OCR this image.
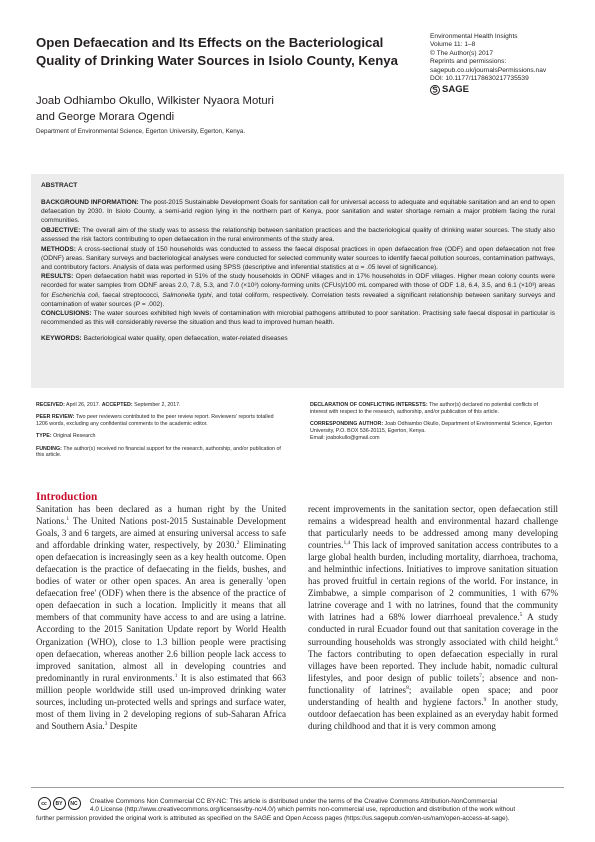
Open Defaecation and Its Effects on the Bacteriological Quality of Drinking Water Sources in Isiolo County, Kenya
Joab Odhiambo Okullo, Wilkister Nyaora Moturi
and George Morara Ogendi
Department of Environmental Science, Egerton University, Egerton, Kenya.
Environmental Health Insights
Volume 11: 1–8
© The Author(s) 2017
Reprints and permissions:
sagepub.co.uk/journalsPermissions.nav
DOI: 10.1177/1178630217735539
SAGE

ABSTRACT

BACKGROUND INFORMATION: The post-2015 Sustainable Development Goals for sanitation call for universal access to adequate and equitable sanitation and an end to open defaecation by 2030. In Isiolo County, a semi-arid region lying in the northern part of Kenya, poor sanitation and water shortage remain a major problem facing the rural communities.

OBJECTIVE: The overall aim of the study was to assess the relationship between sanitation practices and the bacteriological quality of drinking water sources. The study also assessed the risk factors contributing to open defaecation in the rural environments of the study area.

METHODS: A cross-sectional study of 150 households was conducted to assess the faecal disposal practices in open defaecation free (ODF) and open defaecation not free (ODNF) areas. Sanitary surveys and bacteriological analyses were conducted for selected community water sources to identify faecal pollution sources, contamination pathways, and contributory factors. Analysis of data was performed using SPSS (descriptive and inferential statistics at α = .05 level of significance).

RESULTS: Open defaecation habit was reported in 51% of the study households in ODNF villages and in 17% households in ODF villages. Higher mean colony counts were recorded for water samples from ODNF areas 2.0, 7.8, 5.3, and 7.0 (×10³) colony-forming units (CFUs)/100 mL compared with those of ODF 1.8, 6.4, 3.5, and 6.1 (×10³) areas for Escherichia coli, faecal streptococci, Salmonella typhi, and total coliform, respectively. Correlation tests revealed a significant relationship between sanitary surveys and contamination of water sources (P = .002).

CONCLUSIONS: The water sources exhibited high levels of contamination with microbial pathogens attributed to poor sanitation. Practising safe faecal disposal in particular is recommended as this will considerably reverse the situation and thus lead to improved human health.

KEYWORDS: Bacteriological water quality, open defaecation, water-related diseases

RECEIVED: April 26, 2017. ACCEPTED: September 2, 2017.

PEER REVIEW: Two peer reviewers contributed to the peer review report. Reviewers' reports totalled 1206 words, excluding any confidential comments to the academic editor.

TYPE: Original Research

FUNDING: The author(s) received no financial support for the research, authorship, and/or publication of this article.

DECLARATION OF CONFLICTING INTERESTS: The author(s) declared no potential conflicts of interest with respect to the research, authorship, and/or publication of this article.

CORRESPONDING AUTHOR: Joab Odhiambo Okullo, Department of Environmental Science, Egerton University, P.O. BOX 536-20115, Egerton, Kenya.
Email: joabokullo@gmail.com

Introduction

Sanitation has been declared as a human right by the United Nations.$^1$ The United Nations post-2015 Sustainable Development Goals, 3 and 6 targets, are aimed at ensuring universal access to safe and affordable drinking water, respectively, by 2030.$^2$ Eliminating open defaecation is increasingly seen as a key health outcome. Open defaecation is the practice of defaecating in the fields, bushes, and bodies of water or other open spaces. An area is generally 'open defaecation free' (ODF) when there is the absence of the practice of open defaecation in such a location. Implicitly it means that all members of that community have access to and are using a latrine. According to the 2015 Sanitation Update report by World Health Organization (WHO), close to 1.3 billion people were practising open defaecation, whereas another 2.6 billion people lack access to improved sanitation, almost all in developing countries and predominantly in rural environments.$^1$ It is also estimated that 663 million people worldwide still used un-improved drinking water sources, including un-protected wells and springs and surface water, most of them living in 2 developing regions of sub-Saharan Africa and Southern Asia.$^3$ Despite

recent improvements in the sanitation sector, open defaecation still remains a widespread health and environmental hazard challenge that particularly needs to be addressed among many developing countries.$^{1,4}$ This lack of improved sanitation access contributes to a large global health burden, including mortality, diarrhoea, trachoma, and helminthic infections. Initiatives to improve sanitation situation has proved fruitful in certain regions of the world. For instance, in Zimbabwe, a simple comparison of 2 communities, 1 with 67% latrine coverage and 1 with no latrines, found that the community with latrines had a 68% lower diarrhoeal prevalence.$^5$ A study conducted in rural Ecuador found out that sanitation coverage in the surrounding households was strongly associated with child height.$^6$ The factors contributing to open defaecation especially in rural villages have been reported. They include habit, nomadic cultural lifestyles, and poor design of public toilets$^7$; absence and non-functionality of latrines$^8$; available open space; and poor understanding of health and hygiene factors.$^9$ In another study, outdoor defaecation has been explained as an everyday habit formed during childhood and that it is very common among

cc	BY	NC	Creative Commons Non Commercial CC BY-NC: This article is distributed under the terms of the Creative Commons Attribution-NonCommercial
4.0 License (http://www.creativecommons.org/licenses/by-nc/4.0/) which permits non-commercial use, reproduction and distribution of the work without
further permission provided the original work is attributed as specified on the SAGE and Open Access pages (https://us.sagepub.com/en-us/nam/open-access-at-sage).
